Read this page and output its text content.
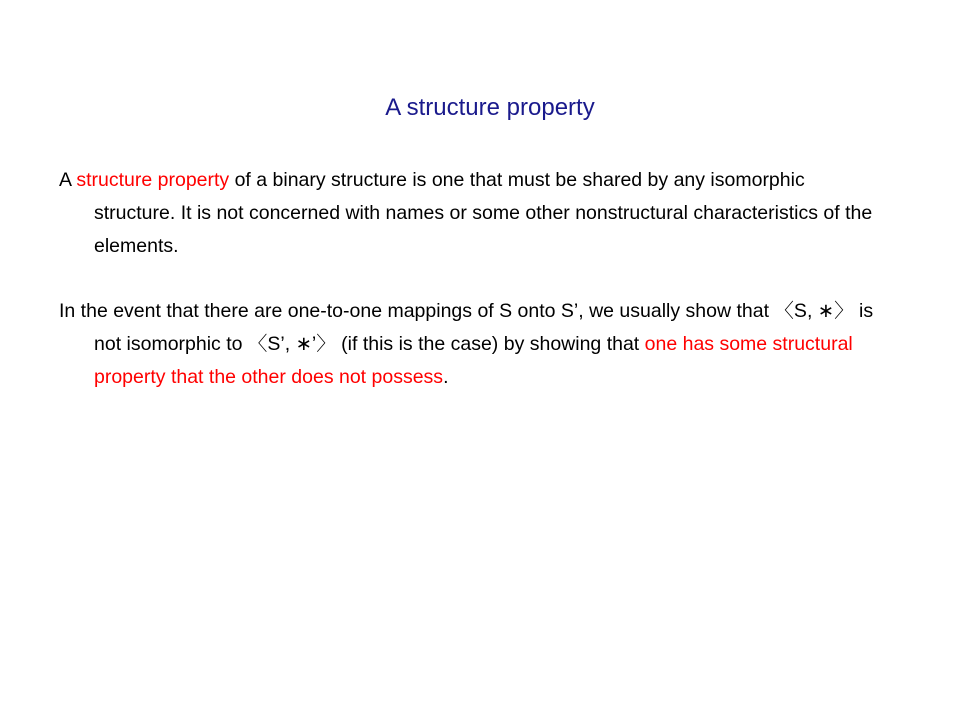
A structure property
A structure property of a binary structure is one that must be shared by any isomorphic structure. It is not concerned with names or some other nonstructural characteristics of the elements.
In the event that there are one-to-one mappings of S onto S’, we usually show that 〈S, ∗〉 is not isomorphic to 〈S’, ∗’〉 (if this is the case) by showing that one has some structural property that the other does not possess.
